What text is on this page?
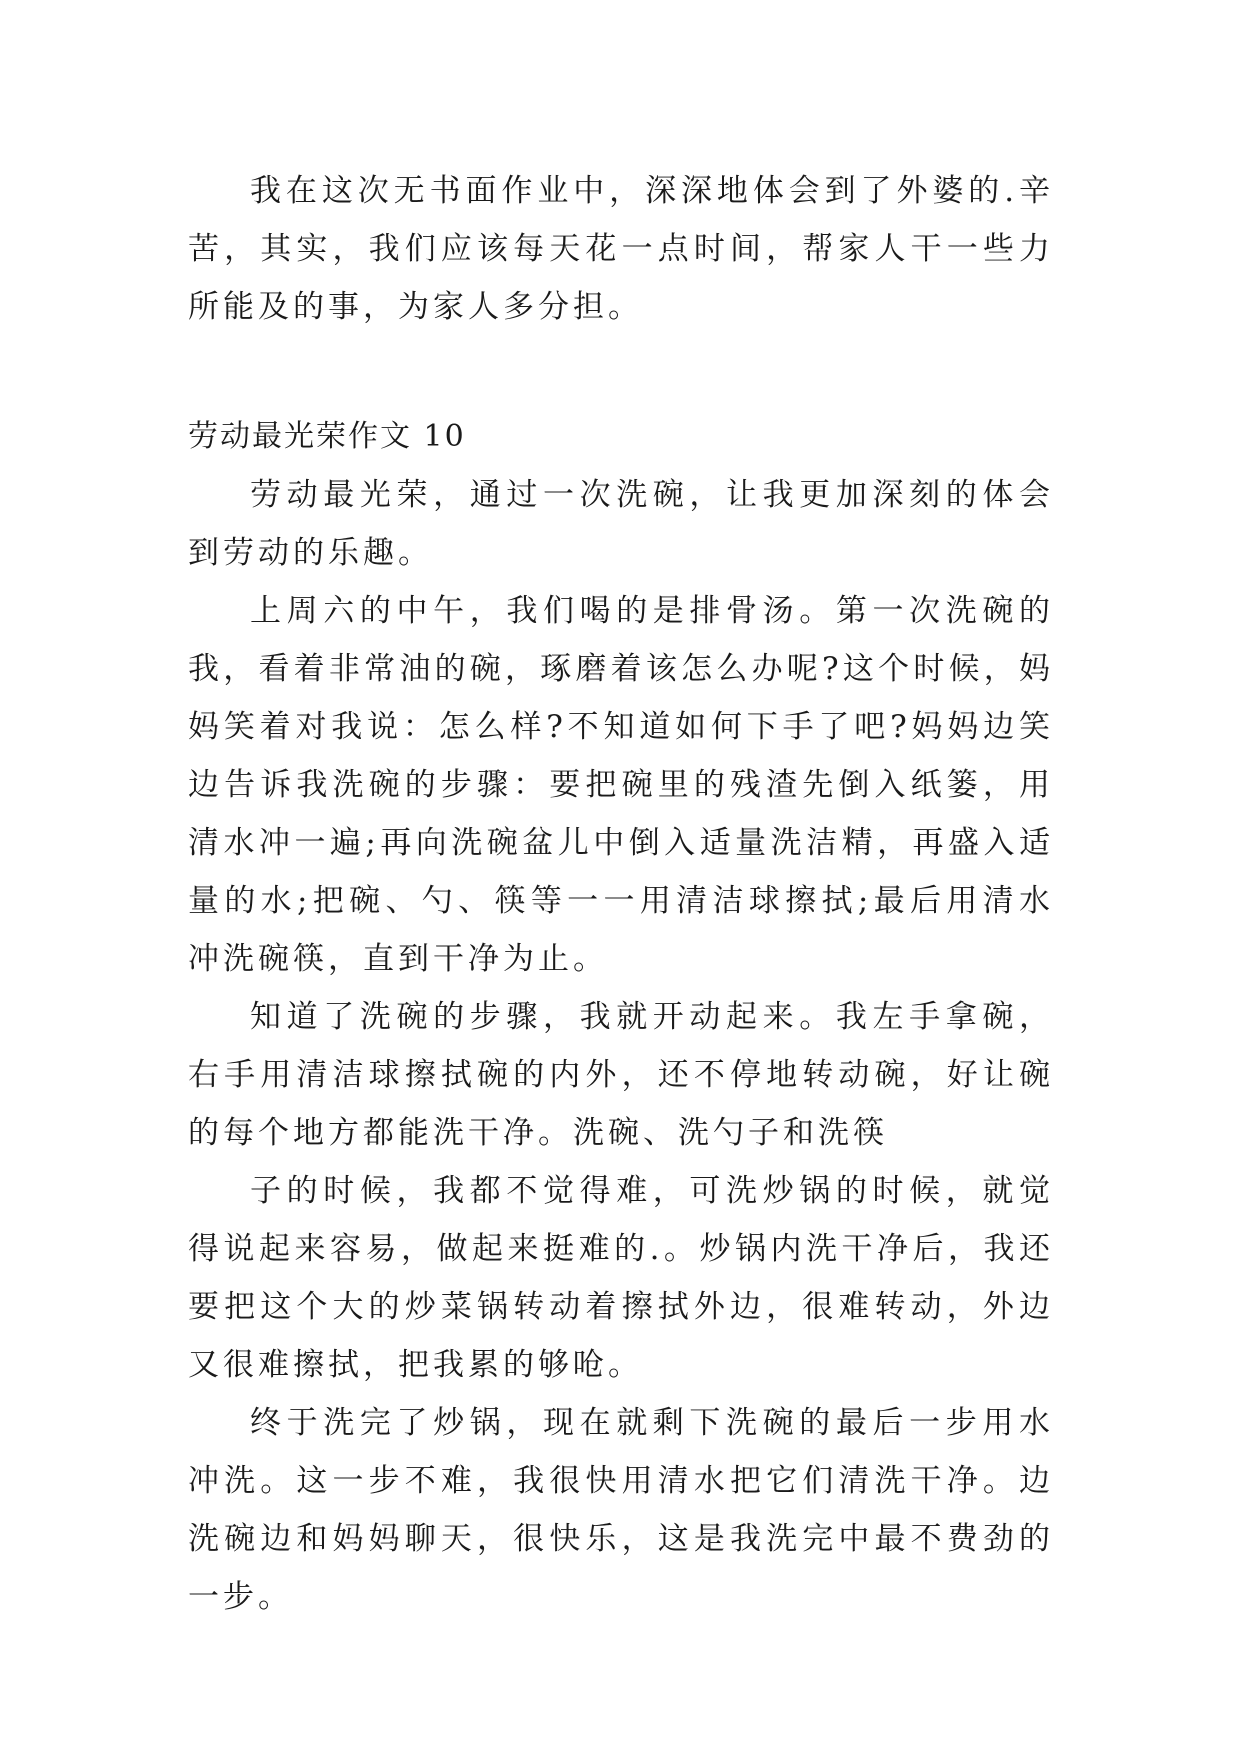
我在这次无书面作业中，深深地体会到了外婆的.辛苦，其实，我们应该每天花一点时间，帮家人干一些力所能及的事，为家人多分担。

劳动最光荣作文 10

劳动最光荣，通过一次洗碗，让我更加深刻的体会到劳动的乐趣。

上周六的中午，我们喝的是排骨汤。第一次洗碗的我，看着非常油的碗，琢磨着该怎么办呢?这个时候，妈妈笑着对我说：怎么样?不知道如何下手了吧?妈妈边笑边告诉我洗碗的步骤：要把碗里的残渣先倒入纸篓，用清水冲一遍;再向洗碗盆儿中倒入适量洗洁精，再盛入适量的水;把碗、勺、筷等一一用清洁球擦拭;最后用清水冲洗碗筷，直到干净为止。

知道了洗碗的步骤，我就开动起来。我左手拿碗，右手用清洁球擦拭碗的内外，还不停地转动碗，好让碗的每个地方都能洗干净。洗碗、洗勺子和洗筷

子的时候，我都不觉得难，可洗炒锅的时候，就觉得说起来容易，做起来挺难的.。炒锅内洗干净后，我还要把这个大的炒菜锅转动着擦拭外边，很难转动，外边又很难擦拭，把我累的够呛。

终于洗完了炒锅，现在就剩下洗碗的最后一步用水冲洗。这一步不难，我很快用清水把它们清洗干净。边洗碗边和妈妈聊天，很快乐，这是我洗完中最不费劲的一步。
